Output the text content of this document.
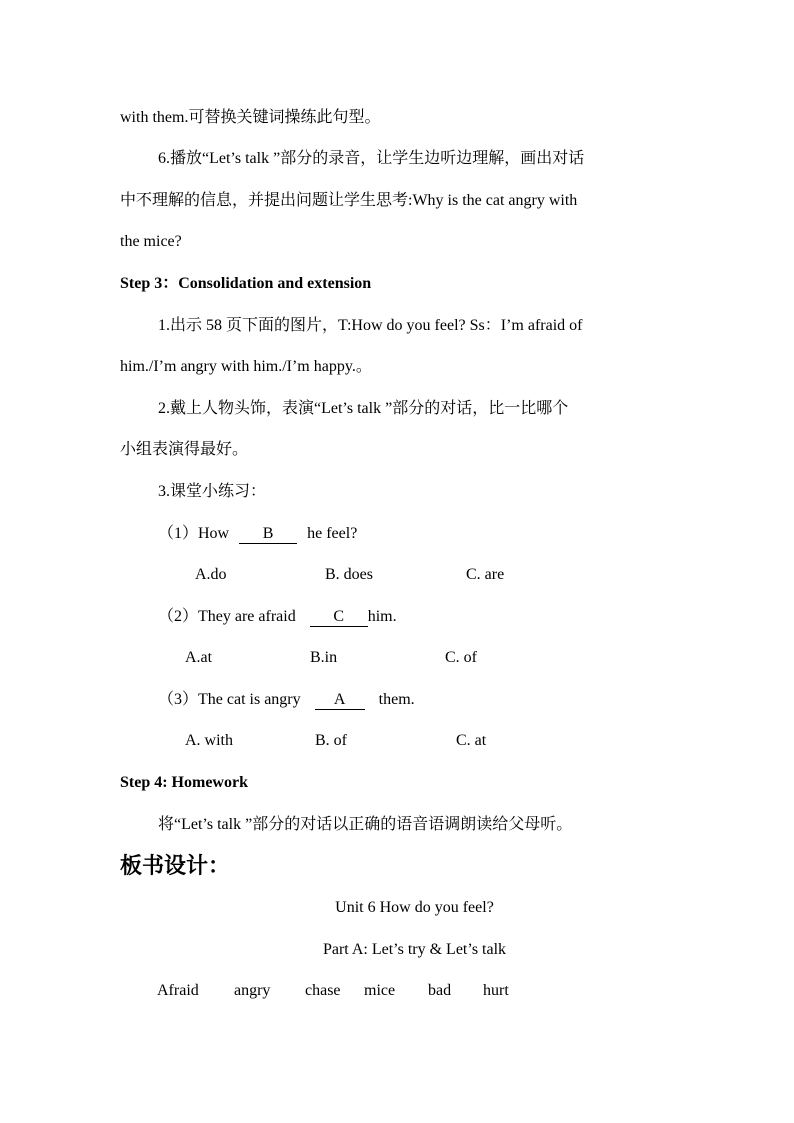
with them.可替换关键词操练此句型。
6.播放“Let’s talk ”部分的录音，让学生边听边理解，画出对话
中不理解的信息，并提出问题让学生思考:Why is the cat angry with
the mice?
Step 3：Consolidation and extension
1.出示 58 页下面的图片，T:How do you feel? Ss：I’m afraid of
him./I’m angry with him./I’m happy.。
2.戴上人物头饰，表演“Let’s talk ”部分的对话，比一比哪个
小组表演得最好。
3.课堂小练习：
（1）How B he feel?
A.do	B. does	C. are
（2）They are afraid C him.
A.at	B.in	C. of
（3）The cat is angry A them.
A. with	B. of	C. at
Step 4: Homework
将“Let’s talk ”部分的对话以正确的语音语调朗读给父母听。
板书设计：
Unit 6 How do you feel?
Part A: Let’s try & Let’s talk
Afraid angry chase mice bad hurt
